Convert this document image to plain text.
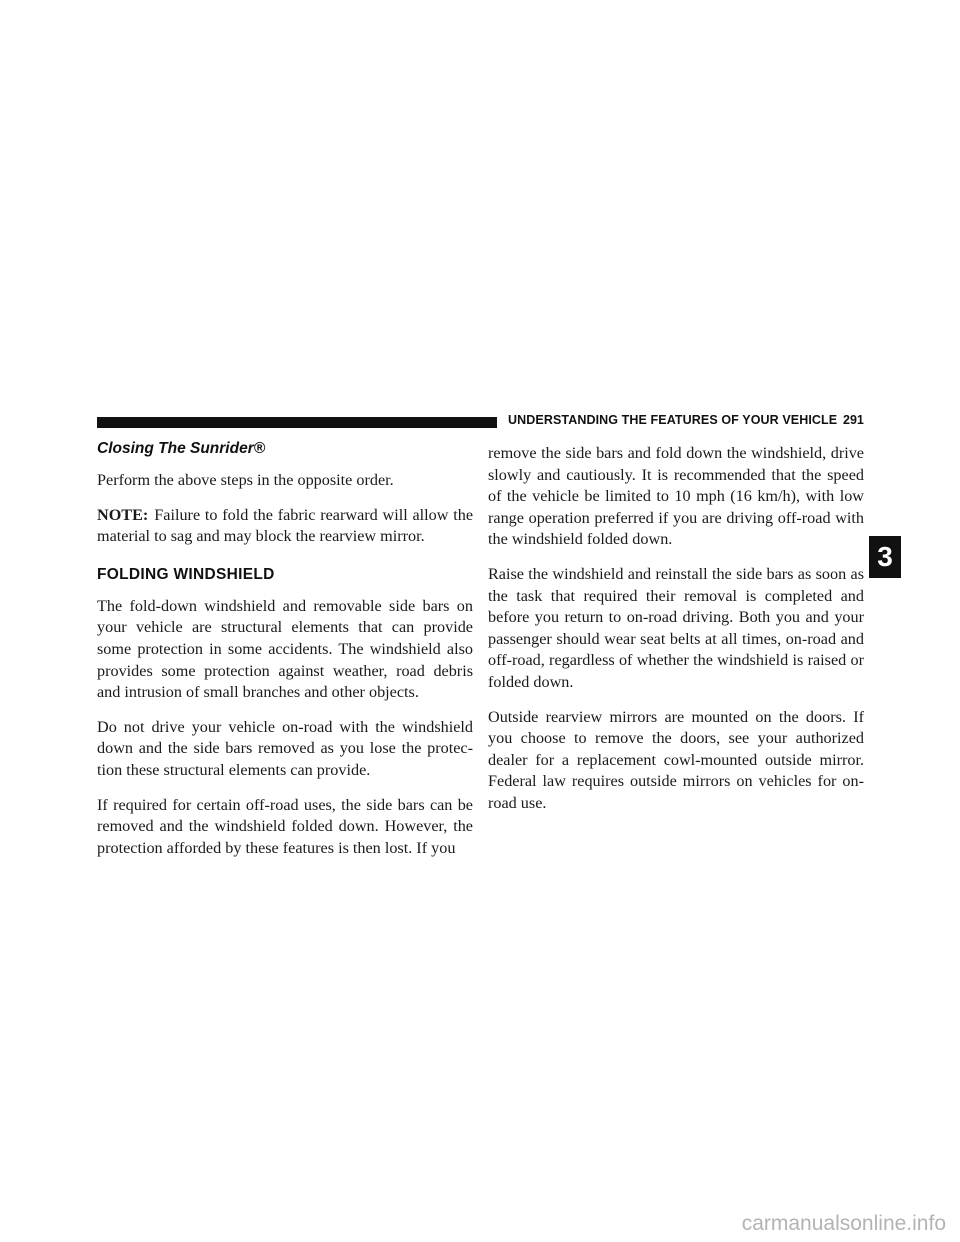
UNDERSTANDING THE FEATURES OF YOUR VEHICLE 291
Closing The Sunrider®

Perform the above steps in the opposite order.

NOTE: Failure to fold the fabric rearward will allow the material to sag and may block the rearview mirror.

FOLDING WINDSHIELD

The fold-down windshield and removable side bars on your vehicle are structural elements that can provide some protection in some accidents. The windshield also provides some protection against weather, road debris and intrusion of small branches and other objects.

Do not drive your vehicle on-road with the windshield down and the side bars removed as you lose the protec- tion these structural elements can provide.

If required for certain off-road uses, the side bars can be removed and the windshield folded down. However, the protection afforded by these features is then lost. If you

remove the side bars and fold down the windshield, drive slowly and cautiously. It is recommended that the speed of the vehicle be limited to 10 mph (16 km/h), with low range operation preferred if you are driving off-road with the windshield folded down.

Raise the windshield and reinstall the side bars as soon as the task that required their removal is completed and before you return to on-road driving. Both you and your passenger should wear seat belts at all times, on-road and off-road, regardless of whether the windshield is raised or folded down.

Outside rearview mirrors are mounted on the doors. If you choose to remove the doors, see your authorized dealer for a replacement cowl-mounted outside mirror. Federal law requires outside mirrors on vehicles for on-road use.

3
carmanualsonline.info
